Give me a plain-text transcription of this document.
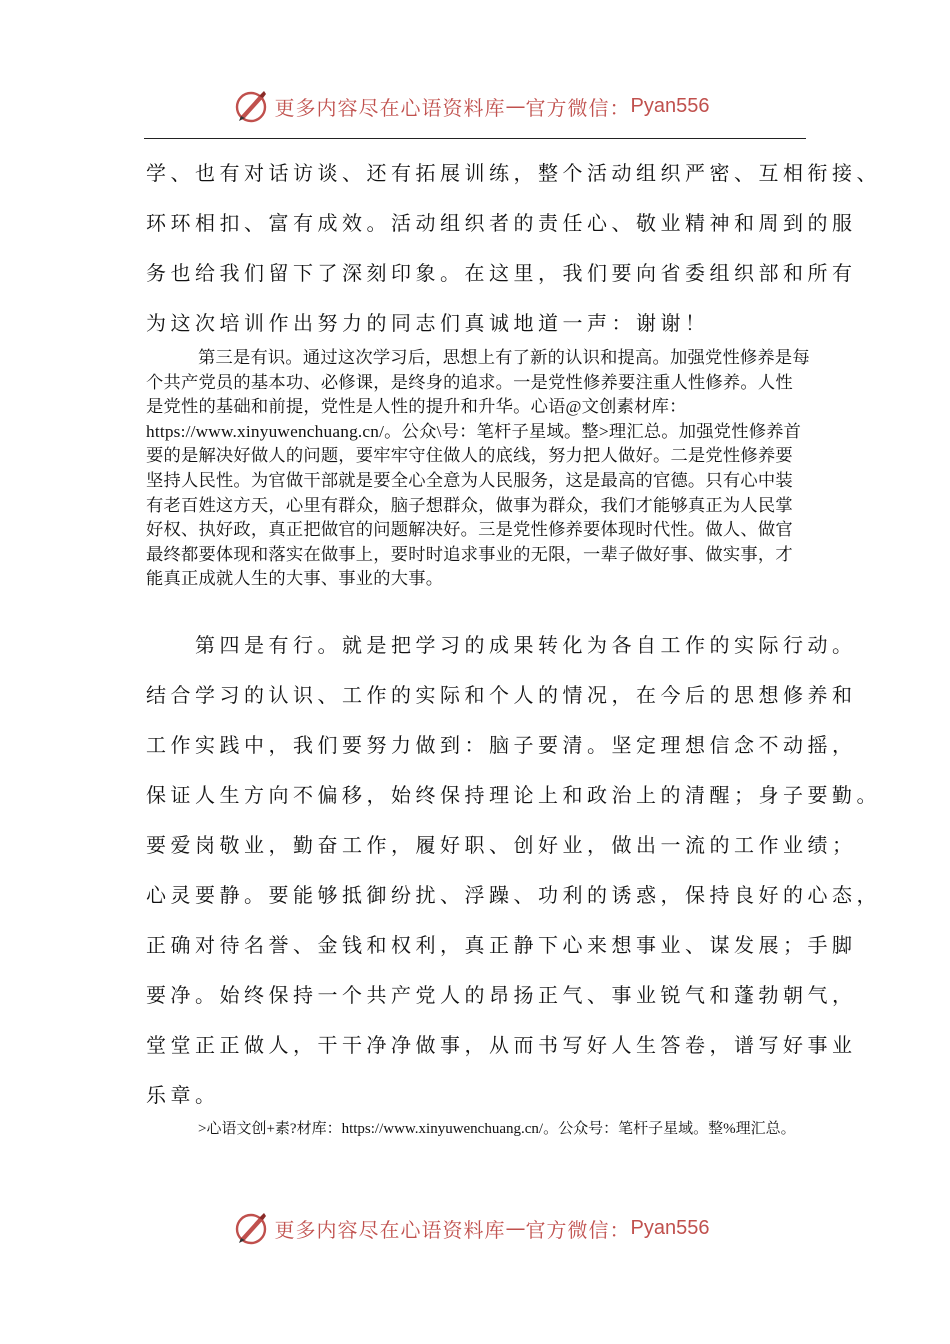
更多内容尽在心语资料库 — 官方微信： Pyan556
学、也有对话访谈、还有拓展训练，整个活动组织严密、互相衔接、
环环相扣、富有成效。活动组织者的责任心、敬业精神和周到的服
务也给我们留下了深刻印象。在这里，我们要向省委组织部和所有
为这次培训作出努力的同志们真诚地道一声：谢谢！

第三是有识。通过这次学习后，思想上有了新的认识和提高。加强党性修养是每个共产党员的基本功、必修课，是终身的追求。一是党性修养要注重人性修养。人性是党性的基础和前提，党性是人性的提升和升华。心语@文创素材库：https://www.xinyuwenchuang.cn/。公众\号：笔杆子星域。整>理汇总。加强党性修养首要的是解决好做人的问题，要牢牢守住做人的底线，努力把人做好。二是党性修养要坚持人民性。为官做干部就是要全心全意为人民服务，这是最高的官德。只有心中装有老百姓这方天，心里有群众，脑子想群众，做事为群众，我们才能够真正为人民掌好权、执好政，真正把做官的问题解决好。三是党性修养要体现时代性。做人、做官最终都要体现和落实在做事上，要时时追求事业的无限，一辈子做好事、做实事，才能真正成就人生的大事、事业的大事。

　　第四是有行。就是把学习的成果转化为各自工作的实际行动。
结合学习的认识、工作的实际和个人的情况，在今后的思想修养和
工作实践中，我们要努力做到：脑子要清。坚定理想信念不动摇，
保证人生方向不偏移，始终保持理论上和政治上的清醒；身子要勤。
要爱岗敬业，勤奋工作，履好职、创好业，做出一流的工作业绩；
心灵要静。要能够抵御纷扰、浮躁、功利的诱惑，保持良好的心态，
正确对待名誉、金钱和权利，真正静下心来想事业、谋发展；手脚
要净。始终保持一个共产党人的昂扬正气、事业锐气和蓬勃朝气，
堂堂正正做人，干干净净做事，从而书写好人生答卷，谱写好事业
乐章。

>心语文创+素?材库：https://www.xinyuwenchuang.cn/。公众号：笔杆子星域。整%理汇总。

更多内容尽在心语资料库 — 官方微信： Pyan556
